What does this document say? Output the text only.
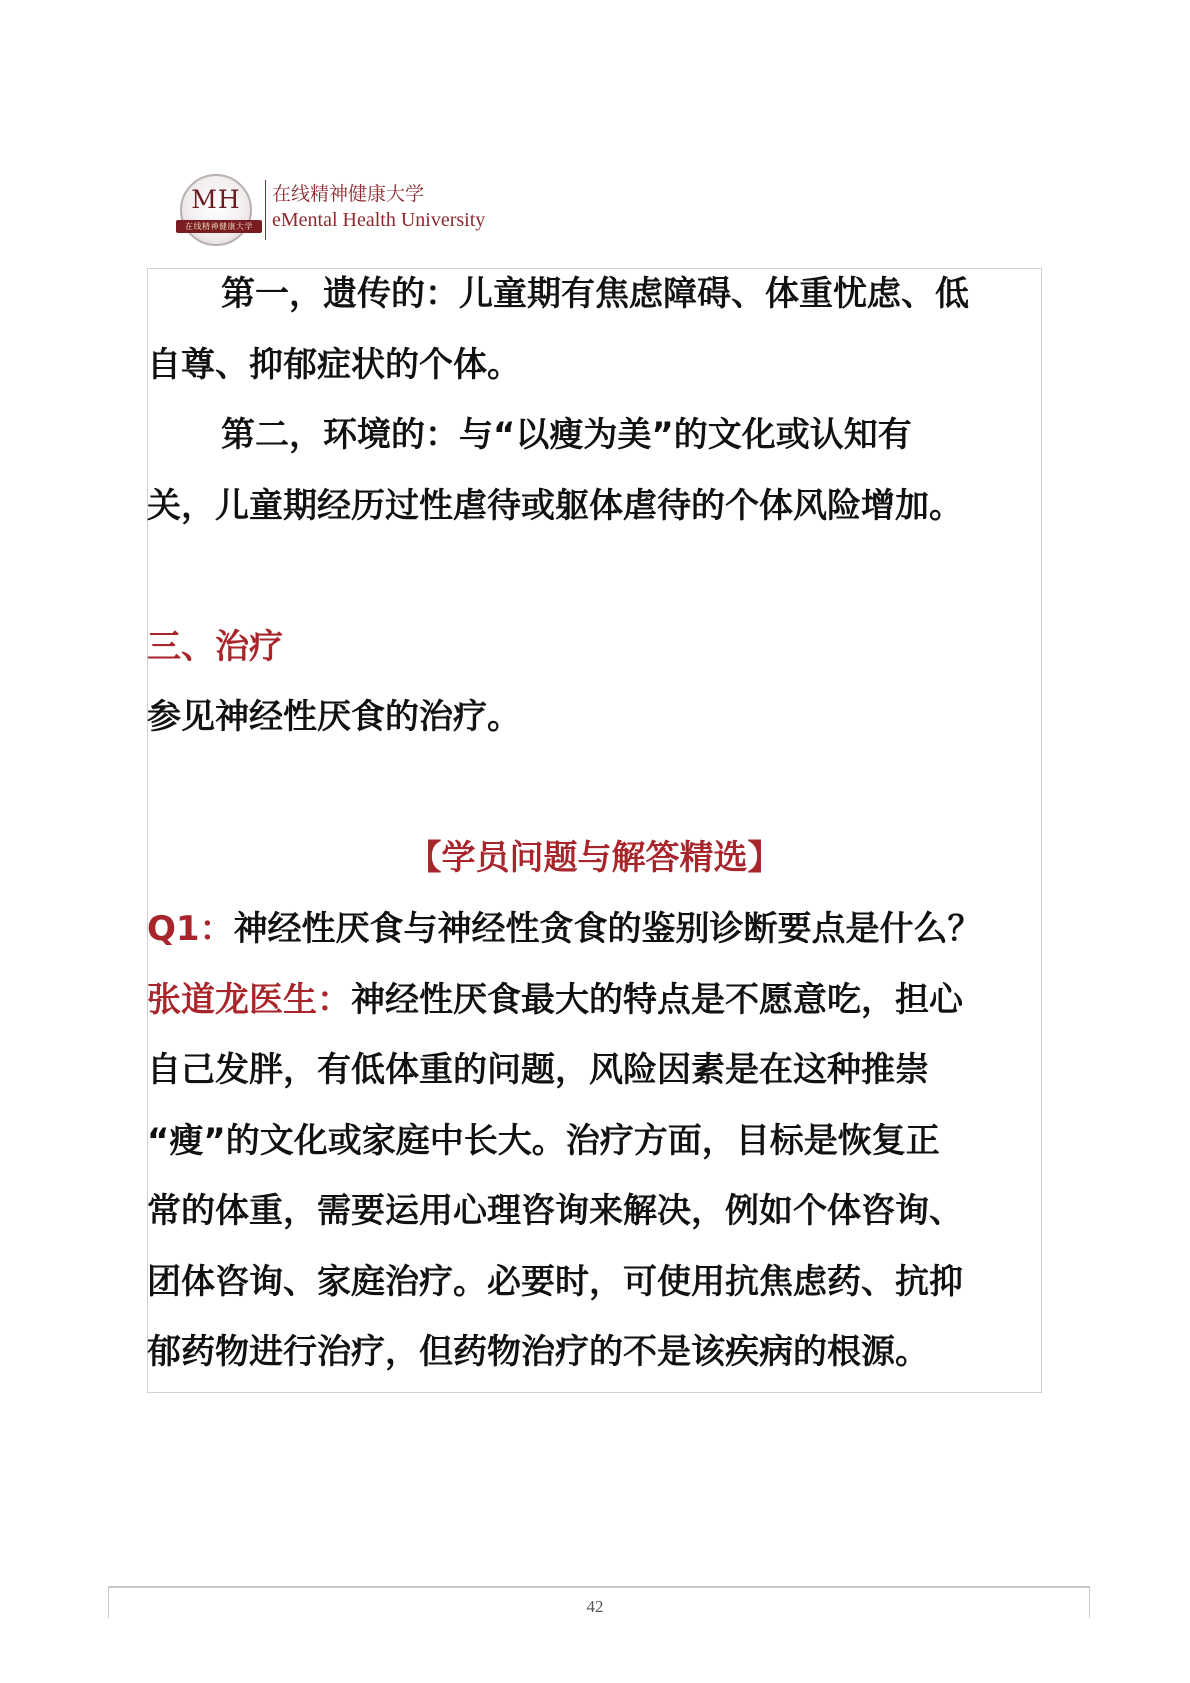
MH
在线精神健康大学
在线精神健康大学
eMental Health University
第一，遗传的：儿童期有焦虑障碍、体重忧虑、低
自尊、抑郁症状的个体。
第二，环境的：与“以瘦为美”的文化或认知有
关，儿童期经历过性虐待或躯体虐待的个体风险增加。
三、治疗
参见神经性厌食的治疗。
【学员问题与解答精选】
Q1：神经性厌食与神经性贪食的鉴别诊断要点是什么？
张道龙医生：神经性厌食最大的特点是不愿意吃，担心
自己发胖，有低体重的问题，风险因素是在这种推崇
“瘦”的文化或家庭中长大。治疗方面，目标是恢复正
常的体重，需要运用心理咨询来解决，例如个体咨询、
团体咨询、家庭治疗。必要时，可使用抗焦虑药、抗抑
郁药物进行治疗，但药物治疗的不是该疾病的根源。
42
